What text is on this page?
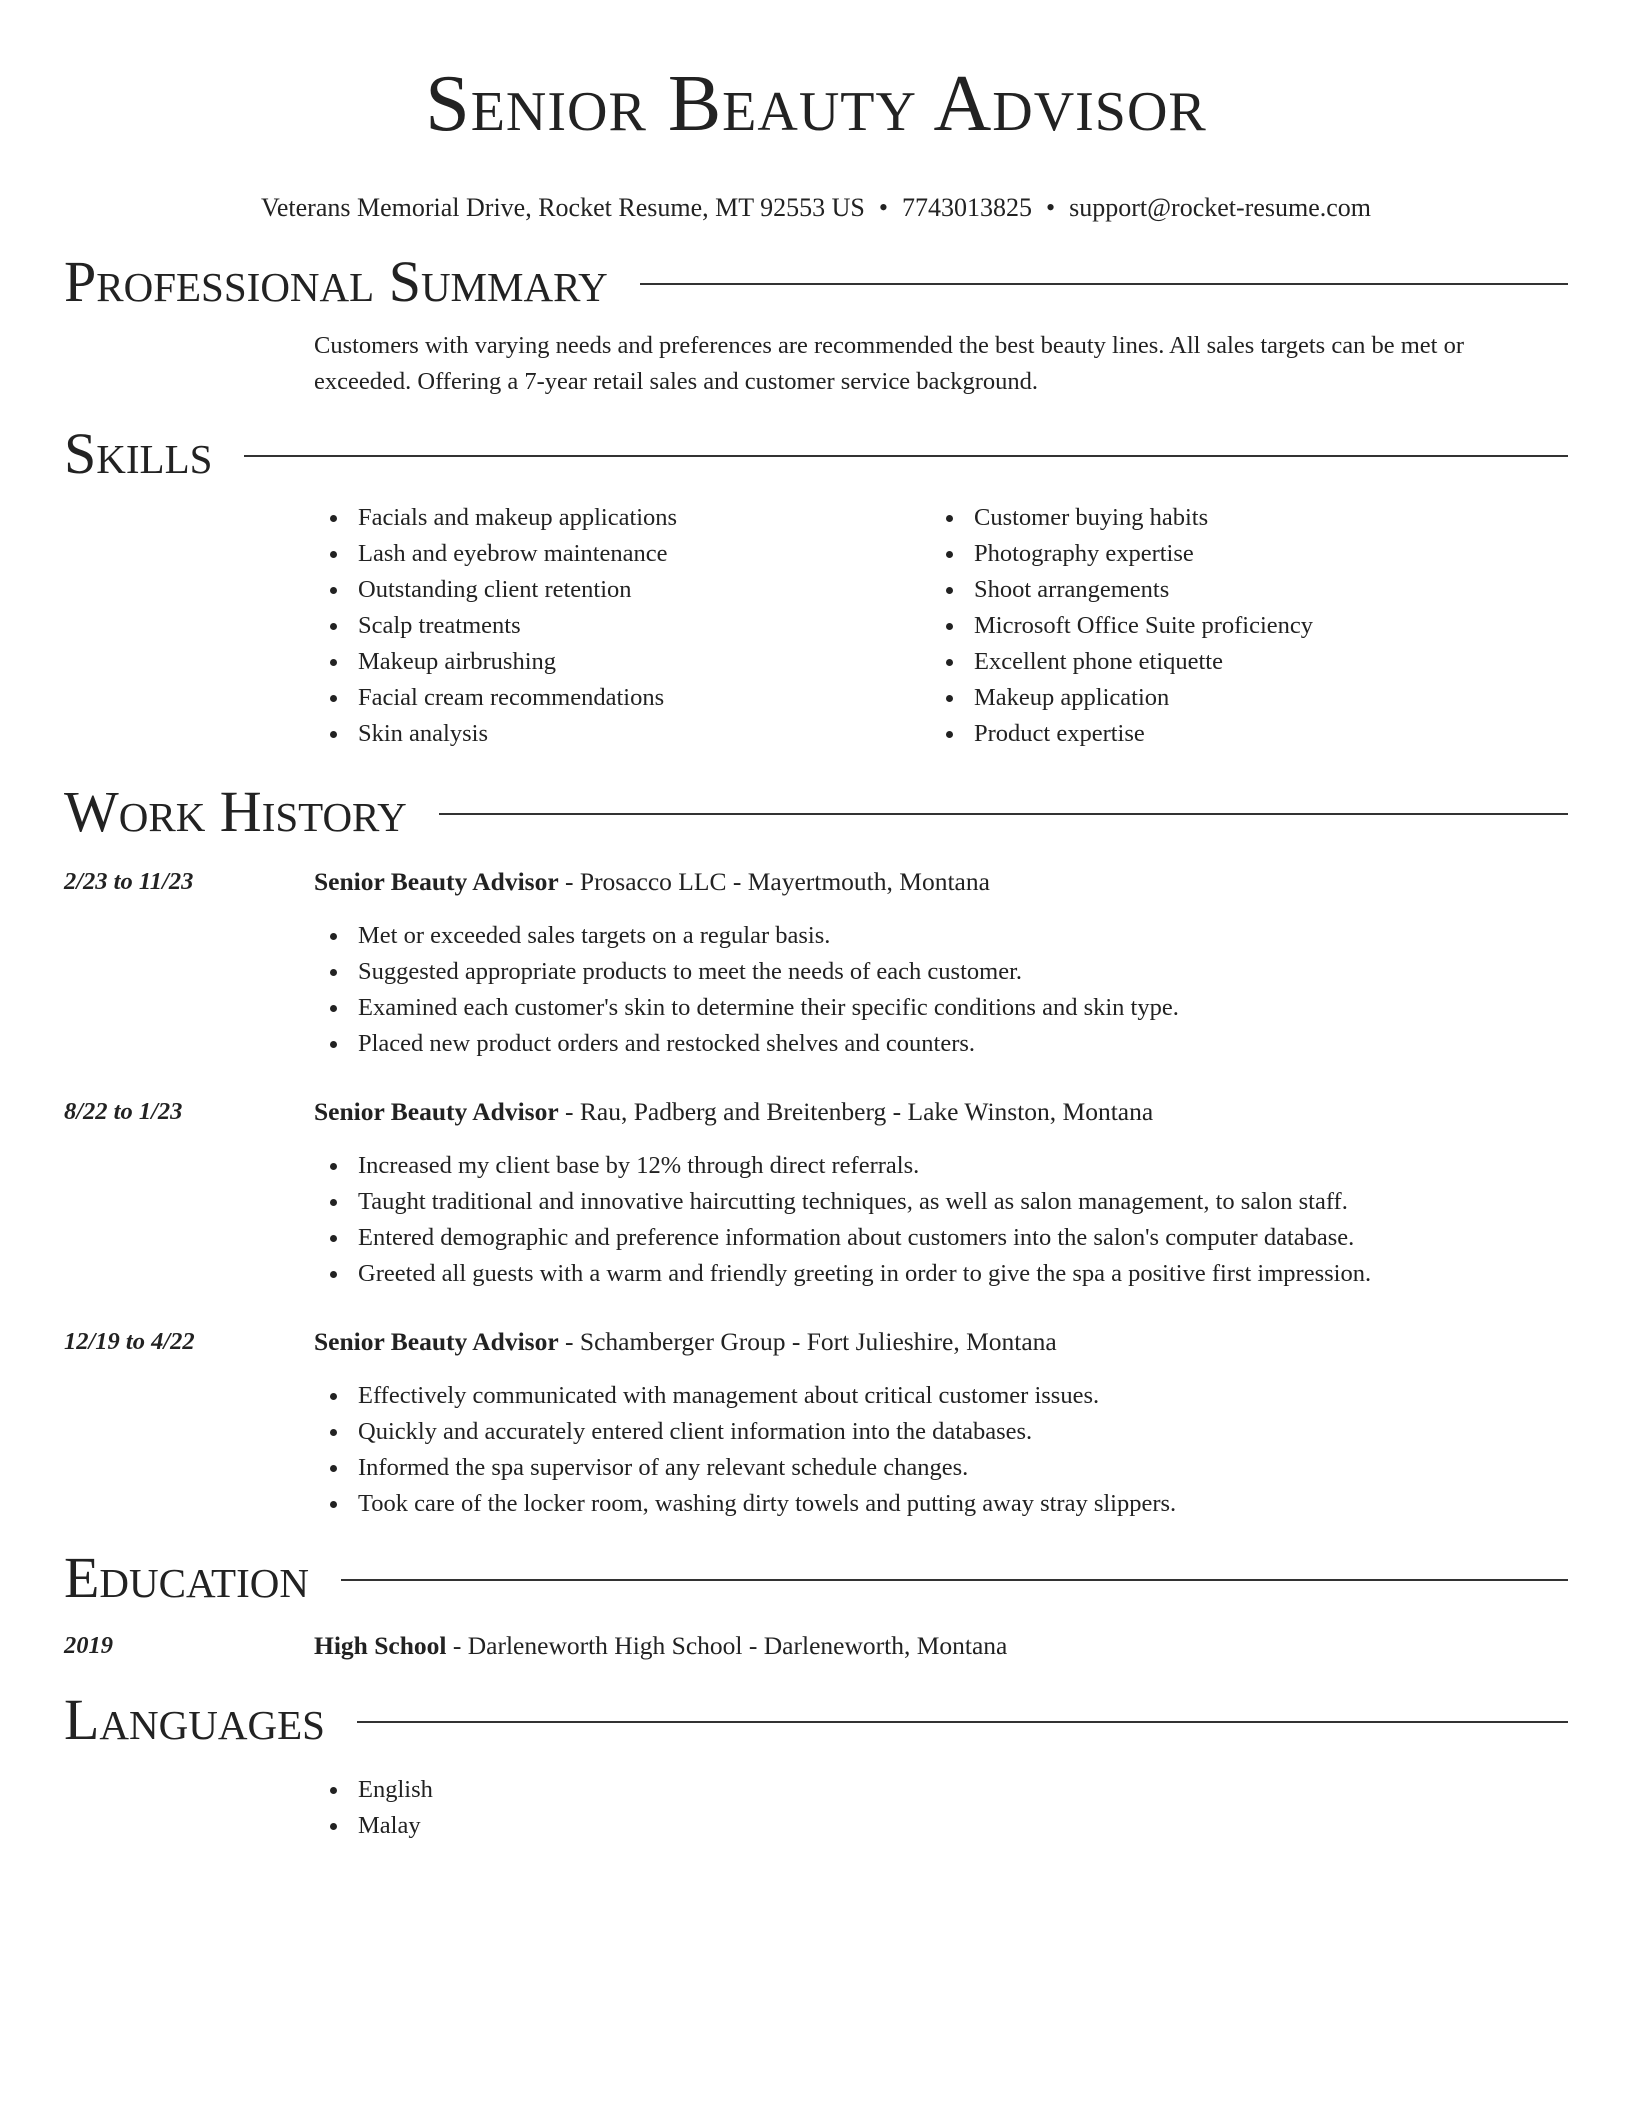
Senior Beauty Advisor
Veterans Memorial Drive, Rocket Resume, MT 92553 US • 7743013825 • support@rocket-resume.com
Professional Summary
Customers with varying needs and preferences are recommended the best beauty lines. All sales targets can be met or exceeded. Offering a 7-year retail sales and customer service background.
Skills
Facials and makeup applications
Lash and eyebrow maintenance
Outstanding client retention
Scalp treatments
Makeup airbrushing
Facial cream recommendations
Skin analysis
Customer buying habits
Photography expertise
Shoot arrangements
Microsoft Office Suite proficiency
Excellent phone etiquette
Makeup application
Product expertise
Work History
2/23 to 11/23	Senior Beauty Advisor - Prosacco LLC - Mayertmouth, Montana
Met or exceeded sales targets on a regular basis.
Suggested appropriate products to meet the needs of each customer.
Examined each customer's skin to determine their specific conditions and skin type.
Placed new product orders and restocked shelves and counters.
8/22 to 1/23	Senior Beauty Advisor - Rau, Padberg and Breitenberg - Lake Winston, Montana
Increased my client base by 12% through direct referrals.
Taught traditional and innovative haircutting techniques, as well as salon management, to salon staff.
Entered demographic and preference information about customers into the salon's computer database.
Greeted all guests with a warm and friendly greeting in order to give the spa a positive first impression.
12/19 to 4/22	Senior Beauty Advisor - Schamberger Group - Fort Julieshire, Montana
Effectively communicated with management about critical customer issues.
Quickly and accurately entered client information into the databases.
Informed the spa supervisor of any relevant schedule changes.
Took care of the locker room, washing dirty towels and putting away stray slippers.
Education
2019	High School - Darleneworth High School - Darleneworth, Montana
Languages
English
Malay
